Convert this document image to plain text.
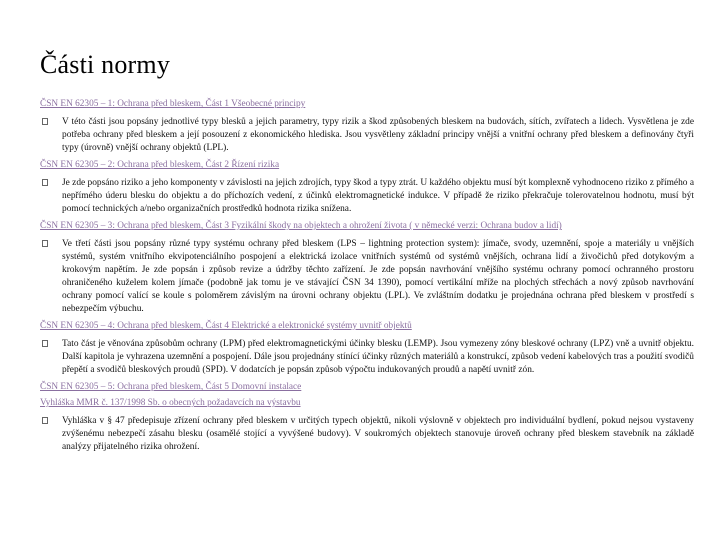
Části normy
ČSN EN 62305 – 1: Ochrana před bleskem, Část 1 Všeobecné principy

V této části jsou popsány jednotlivé typy blesků a jejich parametry, typy rizik a škod způsobených bleskem na budovách, sítích, zvířatech a lidech. Vysvětlena je zde potřeba ochrany před bleskem a její posouzení z ekonomického hlediska. Jsou vysvětleny základní principy vnější a vnitřní ochrany před bleskem a definovány čtyři typy (úrovně) vnější ochrany objektů (LPL).

ČSN EN 62305 – 2: Ochrana před bleskem, Část 2 Řízení rizika

Je zde popsáno riziko a jeho komponenty v závislosti na jejich zdrojích, typy škod a typy ztrát. U každého objektu musí být komplexně vyhodnoceno riziko z přímého a nepřímého úderu blesku do objektu a do příchozích vedení, z účinků elektromagnetické indukce. V případě že riziko překračuje tolerovatelnou hodnotu, musí být pomocí technických a/nebo organizačních prostředků hodnota rizika snížena.

ČSN EN 62305 – 3: Ochrana před bleskem, Část 3 Fyzikální škody na objektech a ohrožení života ( v německé verzi: Ochrana budov a lidí)

Ve třetí části jsou popsány různé typy systému ochrany před bleskem (LPS – lightning protection system): jímače, svody, uzemnění, spoje a materiály u vnějších systémů, systém vnitřního ekvipotenciálního pospojení a elektrická izolace vnitřních systémů od systémů vnějších, ochrana lidí a živočichů před dotykovým a krokovým napětím. Je zde popsán i způsob revize a údržby těchto zařízení. Je zde popsán navrhování vnějšího systému ochrany pomocí ochranného prostoru ohraničeného kuželem kolem jímače (podobně jak tomu je ve stávající ČSN 34 1390), pomocí vertikální mříže na plochých střechách a nový způsob navrhování ochrany pomocí valící se koule s poloměrem závislým na úrovni ochrany objektu (LPL). Ve zvláštním dodatku je projednána ochrana před bleskem v prostředí s nebezpečím výbuchu.

ČSN EN 62305 – 4: Ochrana před bleskem, Část 4 Elektrické a elektronické systémy uvnitř objektů

Tato část je věnována způsobům ochrany (LPM) před elektromagnetickými účinky blesku (LEMP). Jsou vymezeny zóny bleskové ochrany (LPZ) vně a uvnitř objektu. Další kapitola je vyhrazena uzemnění a pospojení. Dále jsou projednány stínící účinky různých materiálů a konstrukcí, způsob vedení kabelových tras a použití svodičů přepětí a svodičů bleskových proudů (SPD). V dodatcích je popsán způsob výpočtu indukovaných proudů a napětí uvnitř zón.

ČSN EN 62305 – 5: Ochrana před bleskem, Část 5 Domovní instalace
Vyhláška MMR č. 137/1998 Sb. o obecných požadavcích na výstavbu

Vyhláška v § 47 předepisuje zřízení ochrany před bleskem v určitých typech objektů, nikoli výslovně v objektech pro individuální bydlení, pokud nejsou vystaveny zvýšenému nebezpečí zásahu blesku (osamělé stojící a vyvýšené budovy). V soukromých objektech stanovuje úroveň ochrany před bleskem stavebník na základě analýzy přijatelného rizika ohrožení.
